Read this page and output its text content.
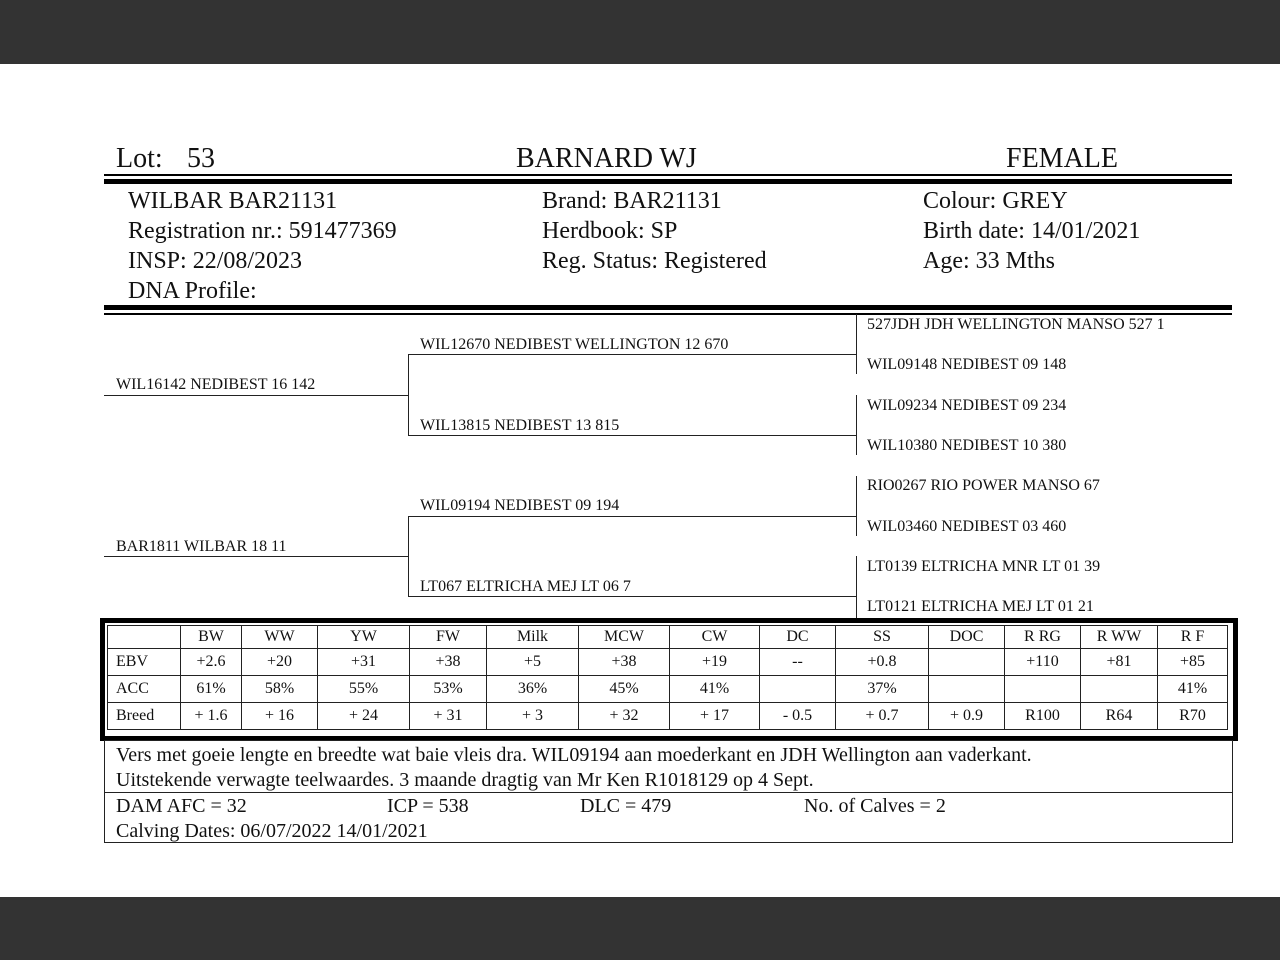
Lot: 53	BARNARD WJ	FEMALE
WILBAR BAR21131
Registration nr.: 591477369
INSP: 22/08/2023
DNA Profile:
Brand: BAR21131
Herdbook: SP
Reg. Status: Registered
Colour: GREY
Birth date: 14/01/2021
Age: 33 Mths
WIL16142 NEDIBEST 16 142
BAR1811 WILBAR 18 11
WIL12670 NEDIBEST WELLINGTON 12 670
WIL13815 NEDIBEST 13 815
WIL09194 NEDIBEST 09 194
LT067 ELTRICHA MEJ LT 06 7
527JDH JDH WELLINGTON MANSO 527 1
WIL09148 NEDIBEST 09 148
WIL09234 NEDIBEST 09 234
WIL10380 NEDIBEST 10 380
RIO0267 RIO POWER MANSO 67
WIL03460 NEDIBEST 03 460
LT0139 ELTRICHA MNR LT 01 39
LT0121 ELTRICHA MEJ LT 01 21
	BW	WW	YW	FW	Milk	MCW	CW	DC	SS	DOC	R RG	R WW	R F
EBV	+2.6	+20	+31	+38	+5	+38	+19	--	+0.8		+110	+81	+85
ACC	61%	58%	55%	53%	36%	45%	41%		37%				41%
Breed	+ 1.6	+ 16	+ 24	+ 31	+ 3	+ 32	+ 17	- 0.5	+ 0.7	+ 0.9	R100	R64	R70
Vers met goeie lengte en breedte wat baie vleis dra. WIL09194 aan moederkant en JDH Wellington aan vaderkant.
Uitstekende verwagte teelwaardes. 3 maande dragtig van Mr Ken R1018129 op 4 Sept.
DAM AFC = 32	ICP = 538	DLC = 479	No. of Calves = 2
Calving Dates: 06/07/2022 14/01/2021
